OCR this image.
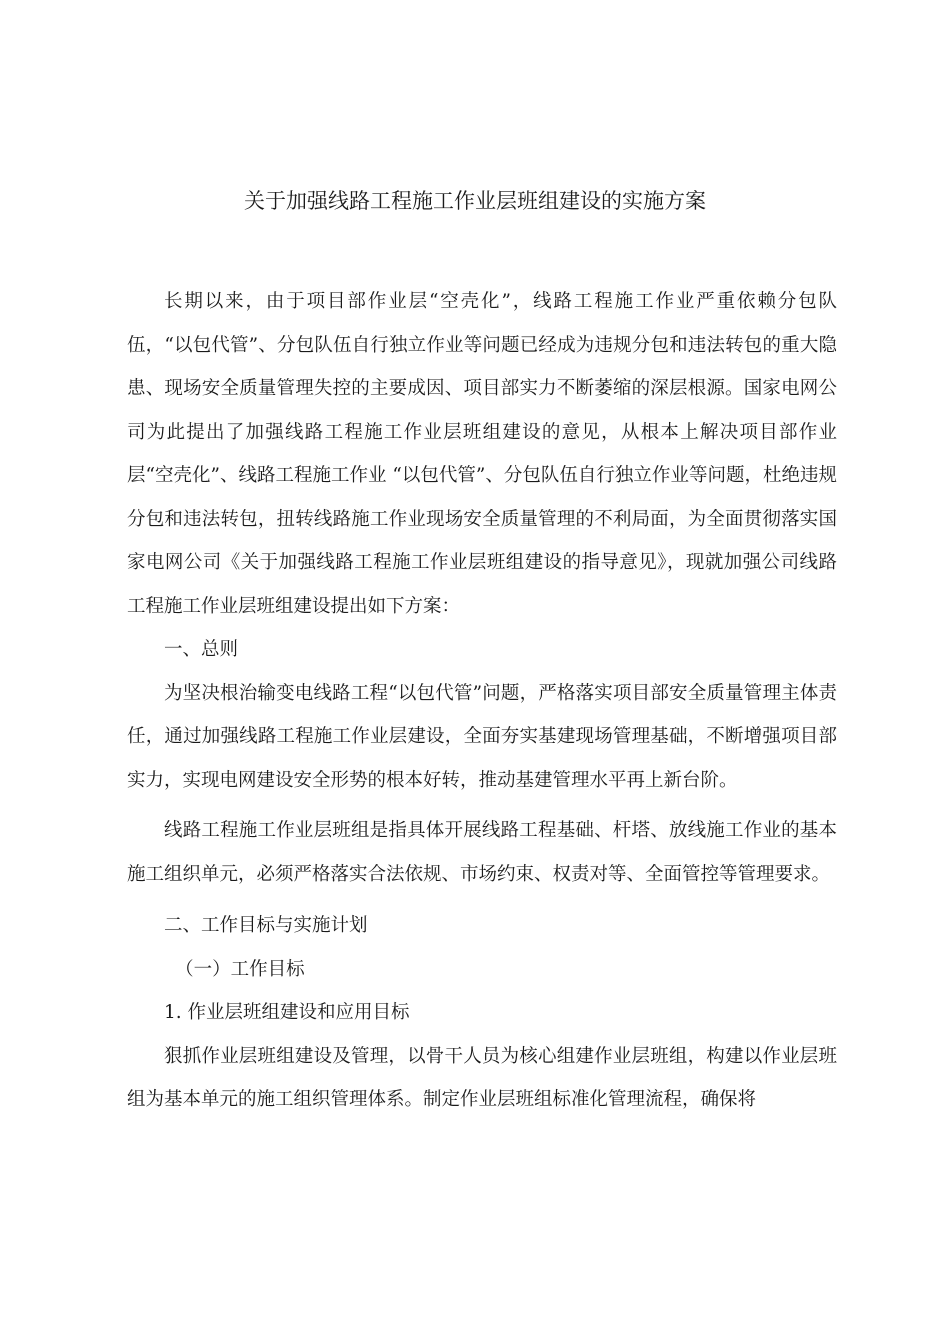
关于加强线路工程施工作业层班组建设的实施方案

长期以来，由于项目部作业层“空壳化”，线路工程施工作业严重依赖分包队伍，“以包代管”、分包队伍自行独立作业等问题已经成为违规分包和违法转包的重大隐患、现场安全质量管理失控的主要成因、项目部实力不断萎缩的深层根源。国家电网公司为此提出了加强线路工程施工作业层班组建设的意见，从根本上解决项目部作业层“空壳化”、线路工程施工作业 “以包代管”、分包队伍自行独立作业等问题，杜绝违规分包和违法转包，扭转线路施工作业现场安全质量管理的不利局面，为全面贯彻落实国家电网公司《关于加强线路工程施工作业层班组建设的指导意见》，现就加强公司线路工程施工作业层班组建设提出如下方案：

一、总则

为坚决根治输变电线路工程“以包代管”问题，严格落实项目部安全质量管理主体责任，通过加强线路工程施工作业层建设，全面夯实基建现场管理基础，不断增强项目部实力，实现电网建设安全形势的根本好转，推动基建管理水平再上新台阶。

线路工程施工作业层班组是指具体开展线路工程基础、杆塔、放线施工作业的基本施工组织单元，必须严格落实合法依规、市场约束、权责对等、全面管控等管理要求。

二、工作目标与实施计划

（一）工作目标

1. 作业层班组建设和应用目标

狠抓作业层班组建设及管理，以骨干人员为核心组建作业层班组，构建以作业层班组为基本单元的施工组织管理体系。制定作业层班组标准化管理流程，确保将
